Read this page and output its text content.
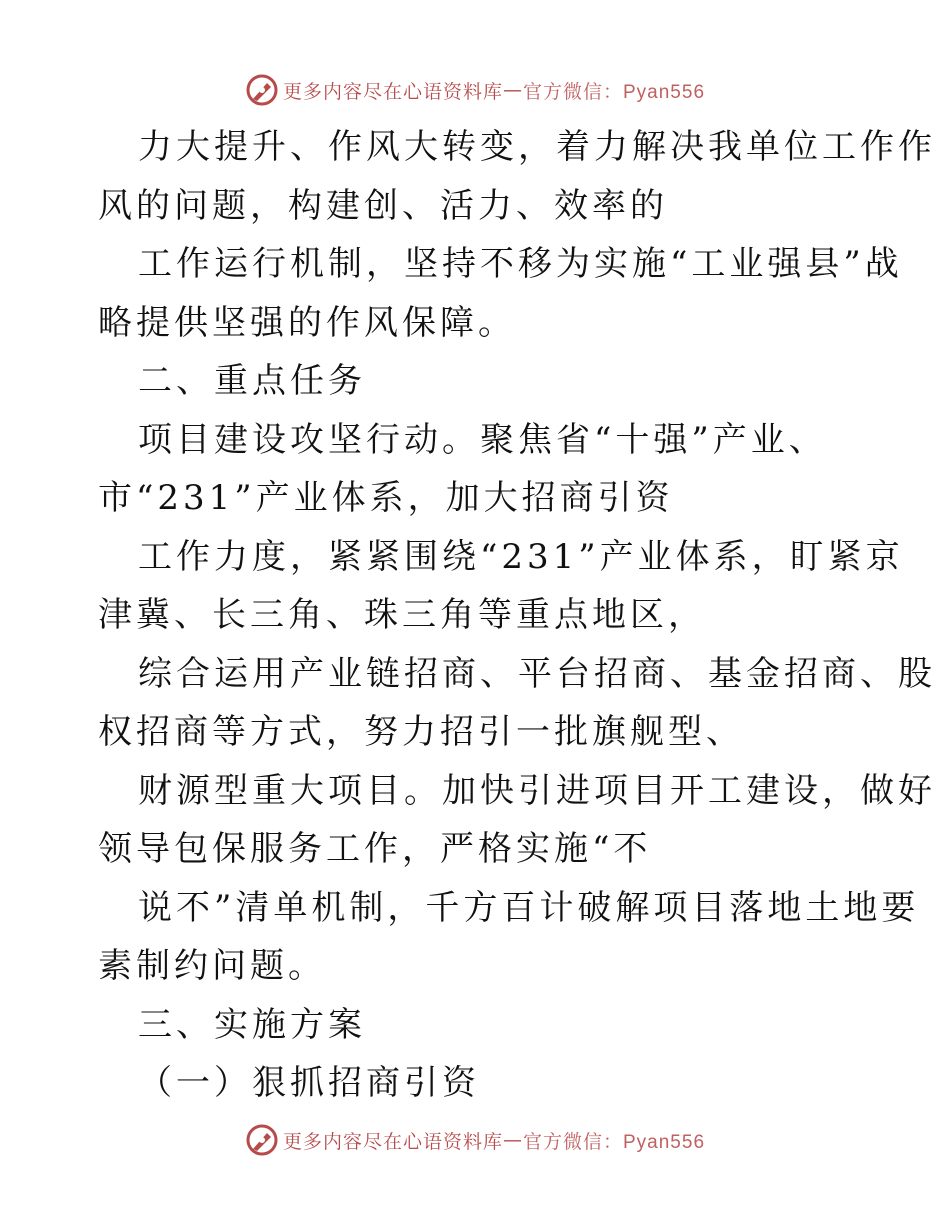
更多内容尽在心语资料库 — 官方微信：Pyan556

力大提升、作风大转变，着力解决我单位工作作
风的问题，构建创、活力、效率的

工作运行机制，坚持不移为实施“工业强县”战
略提供坚强的作风保障。

二、重点任务

项目建设攻坚行动。聚焦省“十强”产业、
市“231”产业体系，加大招商引资

工作力度，紧紧围绕“231”产业体系，盯紧京
津冀、长三角、珠三角等重点地区，

综合运用产业链招商、平台招商、基金招商、股
权招商等方式，努力招引一批旗舰型、

财源型重大项目。加快引进项目开工建设，做好
领导包保服务工作，严格实施“不

说不”清单机制，千方百计破解项目落地土地要
素制约问题。

三、实施方案

（一）狠抓招商引资

更多内容尽在心语资料库 — 官方微信：Pyan556
